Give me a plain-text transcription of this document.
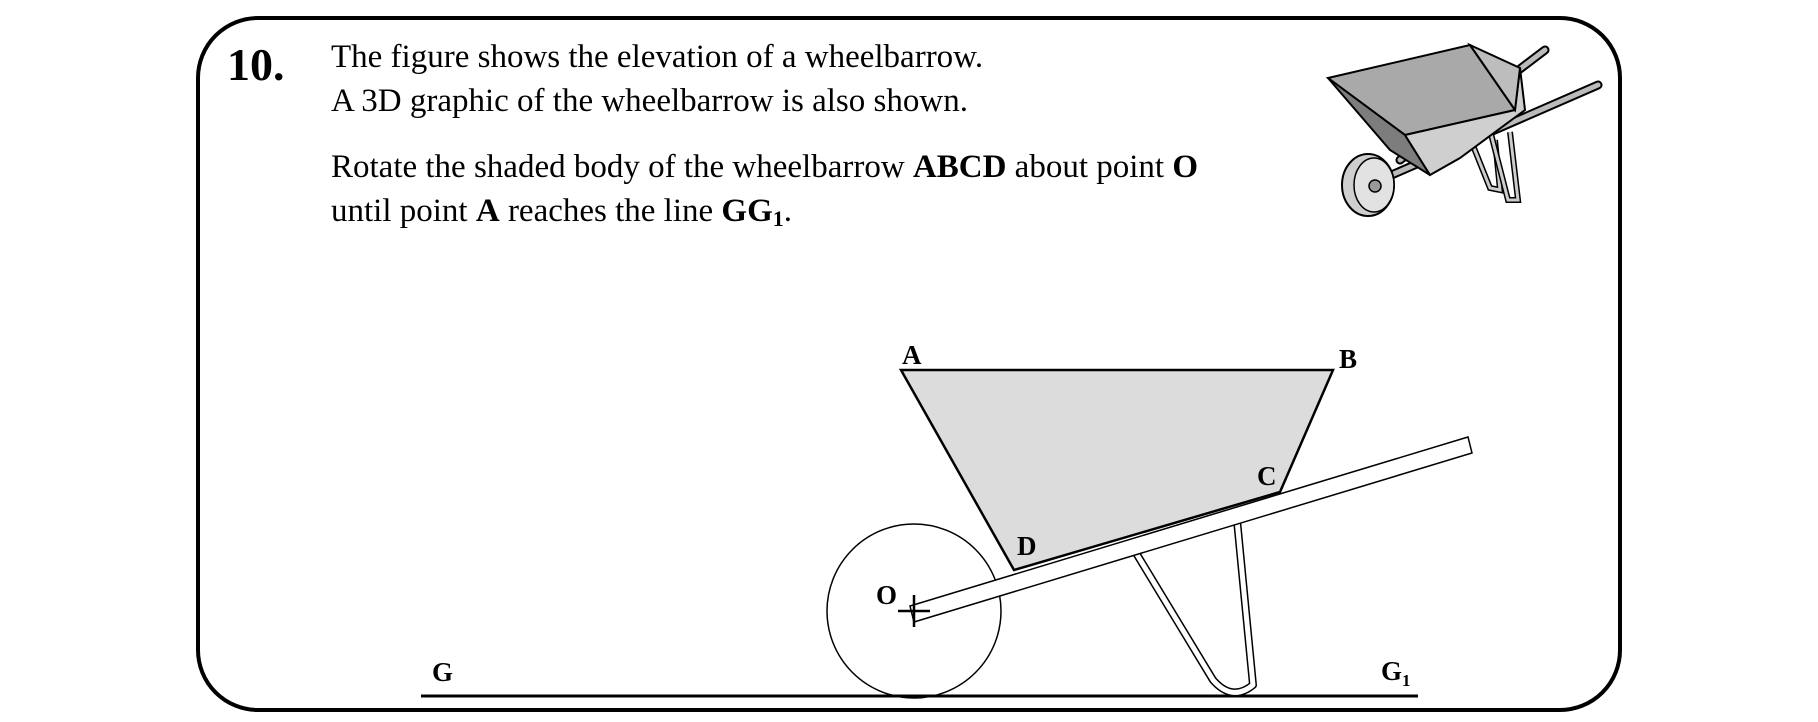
10. The figure shows the elevation of a wheelbarrow.
A 3D graphic of the wheelbarrow is also shown.
Rotate the shaded body of the wheelbarrow ABCD about point O
until point A reaches the line $GG_1$.
A	B
C
D
O
G	G 1
